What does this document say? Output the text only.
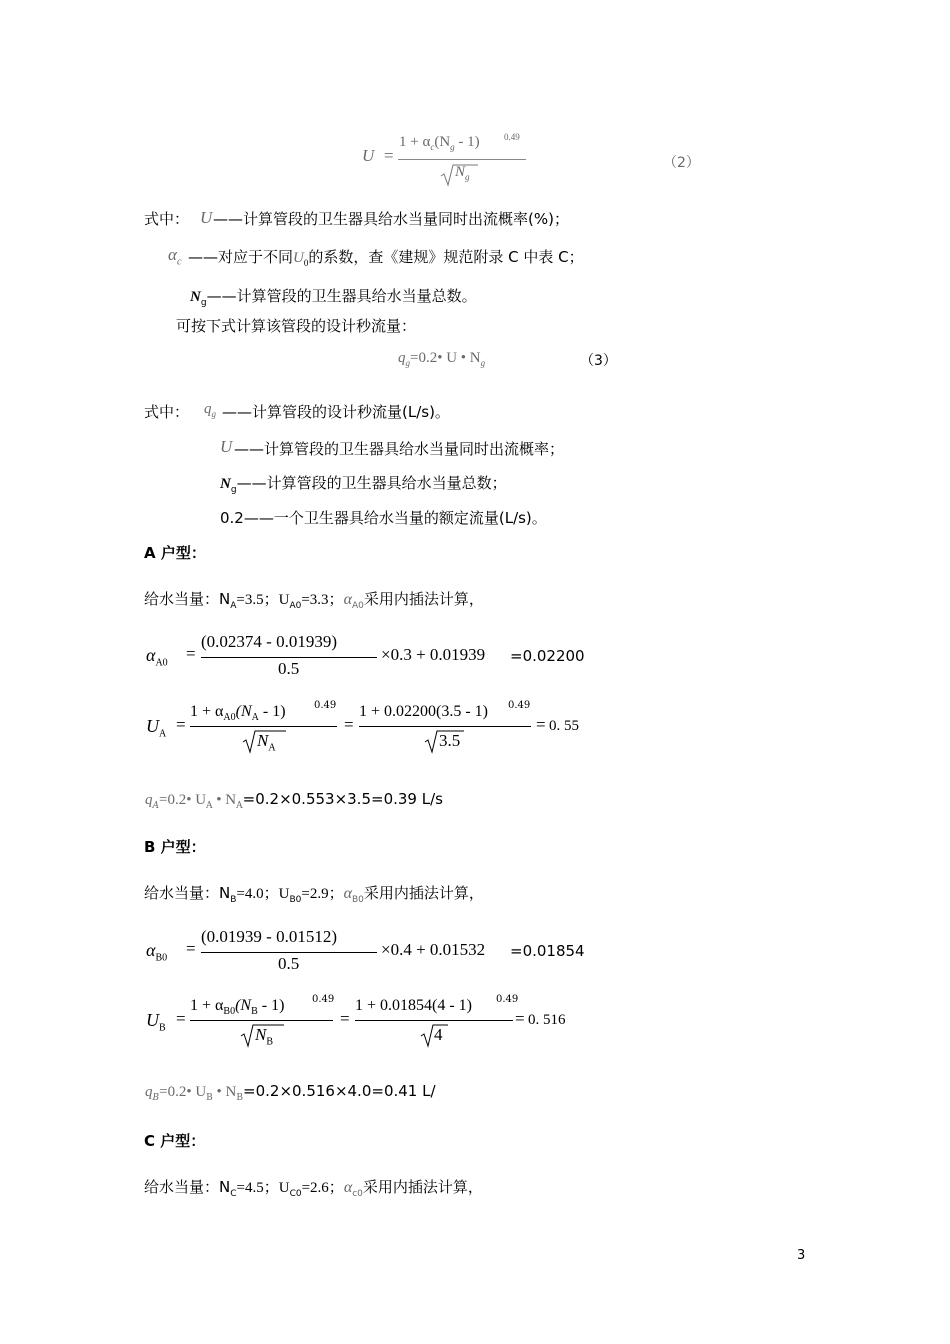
U =
$1 + \alpha_c(N_g - 1)$	0.49
$N_g$
（2）
式中： U ——计算管段的卫生器具给水当量同时出流概率(%)；
$\alpha_c$ ——对应于不同$U_0$的系数，查《建规》规范附录 C 中表 C；
$N_g——$计算管段的卫生器具给水当量总数。
可按下式计算该管段的设计秒流量：
$q_g=0.2•$ U • $N_g$	（3）
式中： $q_g$ ——计算管段的设计秒流量(L/s)。
U ——计算管段的卫生器具给水当量同时出流概率；
$N_g——$计算管段的卫生器具给水当量总数；
0.2——一个卫生器具给水当量的额定流量(L/s)。
A 户型：
给水当量：$N_A=3.5$；$U_{A0}=3.3$；$\alpha_{A0}$采用内插法计算，
$\alpha_{A0}$
=
(0.02374 - 0.01939)
0.5
×0.3 + 0.01939 =0.02200
$U_A$
=
$1 + \alpha_{A0}(N_A - 1)$	0.49
$N_A$
=
1 + 0.02200(3.5 - 1) 0.49
3.5
= 0. 55
$q_A=0.2•$ $U_A$ • $N_A=0.2\times 0.553\times 3.5=0.39$ L/s
B 户型：
给水当量：$N_B=4.0$；$U_{B0}=2.9$；$\alpha_{B0}$采用内插法计算，
$\alpha_{B0}$
=
(0.01939 - 0.01512)
0.5
×0.4 + 0.01532 =0.01854
$U_B$
=
$1 + \alpha_{B0}(N_B - 1)$	0.49
$N_B$
=
1 + 0.01854(4 - 1) 0.49
4
= 0. 516
$q_B=0.2•$ $U_B$ • $N_B=0.2\times 0.516\times 4.0=0.41$ L/
C 户型：
给水当量：$N_C=4.5$；$U_{C0}=2.6$；$\alpha_{c0}$采用内插法计算，
3
